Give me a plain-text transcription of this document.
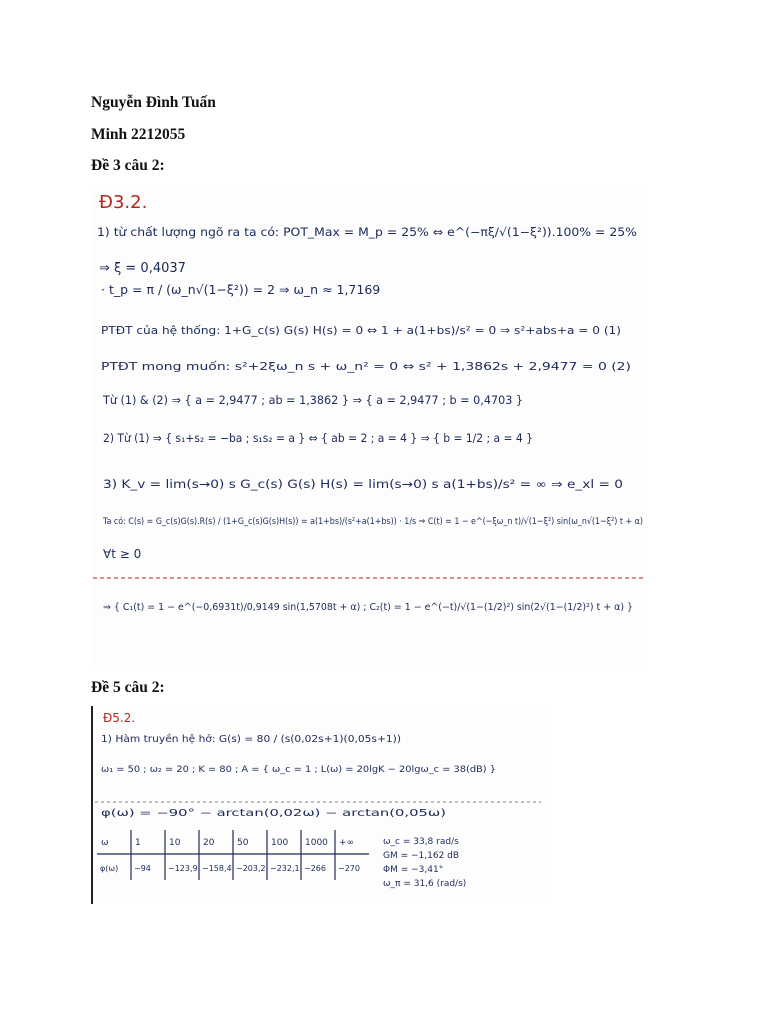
Nguyễn Đình Tuấn
Minh 2212055
Đề 3 câu 2:
Đ3.2.
1) từ chất lượng ngõ ra ta có: POT_Max = M_p = 25% ⇔ e^(−πξ/√(1−ξ²)).100% = 25%
⇒ ξ = 0,4037
· t_p = π / (ω_n√(1−ξ²)) = 2 ⇒ ω_n ≈ 1,7169
PTĐT của hệ thống: 1+G_c(s) G(s) H(s) = 0 ⇔ 1 + a(1+bs)/s² = 0 ⇒ s²+abs+a = 0 (1)
PTĐT mong muốn: s²+2ξω_n s + ω_n² = 0 ⇔ s² + 1,3862s + 2,9477 = 0 (2)
Từ (1) & (2) ⇒ { a = 2,9477 ; ab = 1,3862 } ⇒ { a = 2,9477 ; b = 0,4703 }
2) Từ (1) ⇒ { s₁+s₂ = −ba ; s₁s₂ = a } ⇔ { ab = 2 ; a = 4 } ⇒ { b = 1/2 ; a = 4 }
3) K_v = lim(s→0) s G_c(s) G(s) H(s) = lim(s→0) s a(1+bs)/s² = ∞ ⇒ e_xl = 0
Ta có: C(s) = G_c(s)G(s).R(s) / (1+G_c(s)G(s)H(s)) = a(1+bs)/(s²+a(1+bs)) · 1/s ⇒ C(t) = 1 − e^(−ξω_n t)/√(1−ξ²) sin(ω_n√(1−ξ²) t + α)
∀t ≥ 0
⇒ { C₁(t) = 1 − e^(−0,6931t)/0,9149 sin(1,5708t + α) ; C₂(t) = 1 − e^(−t)/√(1−(1/2)²) sin(2√(1−(1/2)²) t + α) }
Đề 5 câu 2:
Đ5.2.
1) Hàm truyền hệ hở: G(s) = 80 / (s(0,02s+1)(0,05s+1))
ω₁ = 50 ; ω₂ = 20 ; K = 80 ; A = { ω_c = 1 ; L(ω) = 20lgK − 20lgω_c = 38(dB) }
φ(ω) = −90° − arctan(0,02ω) − arctan(0,05ω)
ω
φ(ω)
1
−94
10
−123,9
20
−158,4
50
−203,2
100
−232,1
1000
−266
+∞
−270
ω_c = 33,8 rad/s
GM = −1,162 dB
ΦM = −3,41°
ω_π = 31,6 (rad/s)
